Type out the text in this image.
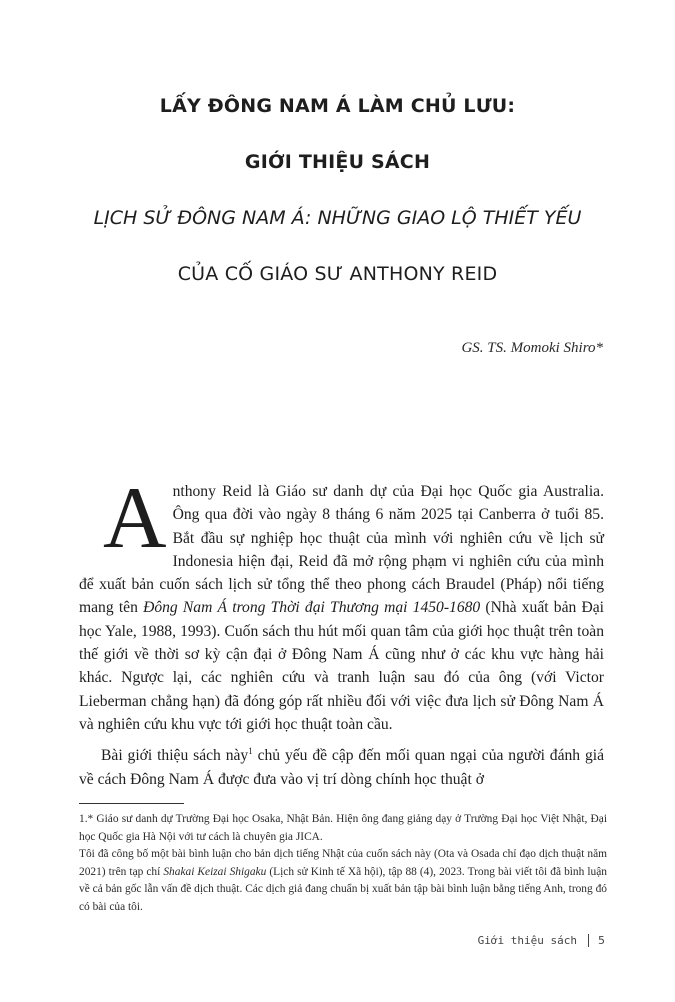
LẤY ĐÔNG NAM Á LÀM CHỦ LƯU:
GIỚI THIỆU SÁCH
LỊCH SỬ ĐÔNG NAM Á: NHỮNG GIAO LỘ THIẾT YẾU
CỦA CỐ GIÁO SƯ ANTHONY REID
GS. TS. Momoki Shiro*

Anthony Reid là Giáo sư danh dự của Đại học Quốc gia Australia. Ông qua đời vào ngày 8 tháng 6 năm 2025 tại Canberra ở tuổi 85. Bắt đầu sự nghiệp học thuật của mình với nghiên cứu về lịch sử Indonesia hiện đại, Reid đã mở rộng phạm vi nghiên cứu của mình để xuất bản cuốn sách lịch sử tổng thể theo phong cách Braudel (Pháp) nổi tiếng mang tên Đông Nam Á trong Thời đại Thương mại 1450-1680 (Nhà xuất bản Đại học Yale, 1988, 1993). Cuốn sách thu hút mối quan tâm của giới học thuật trên toàn thế giới về thời sơ kỳ cận đại ở Đông Nam Á cũng như ở các khu vực hàng hải khác. Ngược lại, các nghiên cứu và tranh luận sau đó của ông (với Victor Lieberman chẳng hạn) đã đóng góp rất nhiều đối với việc đưa lịch sử Đông Nam Á và nghiên cứu khu vực tới giới học thuật toàn cầu.

Bài giới thiệu sách này$^1$ chủ yếu đề cập đến mối quan ngại của người đánh giá về cách Đông Nam Á được đưa vào vị trí dòng chính học thuật ở

1.* Giáo sư danh dự Trường Đại học Osaka, Nhật Bản. Hiện ông đang giảng dạy ở Trường Đại học Việt Nhật, Đại học Quốc gia Hà Nội với tư cách là chuyên gia JICA.

Tôi đã công bố một bài bình luận cho bản dịch tiếng Nhật của cuốn sách này (Ota và Osada chỉ đạo dịch thuật năm 2021) trên tạp chí Shakai Keizai Shigaku (Lịch sử Kinh tế Xã hội), tập 88 (4), 2023. Trong bài viết tôi đã bình luận về cả bản gốc lẫn vấn đề dịch thuật. Các dịch giả đang chuẩn bị xuất bản tập bài bình luận bằng tiếng Anh, trong đó có bài của tôi.

Giới thiệu sách 5
